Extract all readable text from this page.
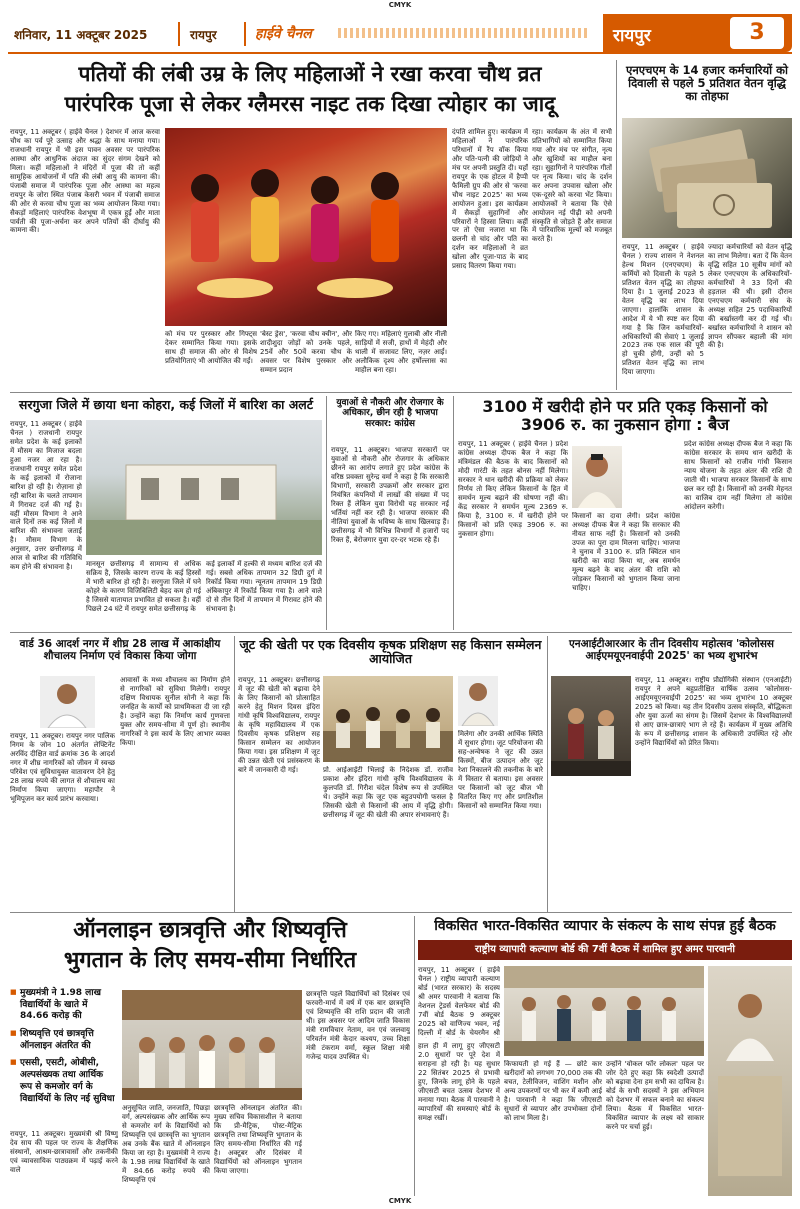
CMYK
शनिवार, 11 अक्टूबर 2025	रायपुर	हाईवे चैनल	रायपुर	3
पतियों की लंबी उम्र के लिए महिलाओं ने रखा करवा चौथ व्रत
पारंपरिक पूजा से लेकर ग्लैमरस नाइट तक दिखा त्योहार का जादू
रायपुर, 11 अक्टूबर ( हाईवे चैनल ) देशभर में आज करवा चौथ का पर्व पूरे उत्साह और श्रद्धा के साथ मनाया गया। राजधानी रायपुर में भी इस पावन अवसर पर पारंपरिक आस्था और आधुनिक अंदाज का सुंदर संगम देखने को मिला। कहीं महिलाओं ने मंदिरों में पूजा की तो कहीं सामूहिक आयोजनों में पति की लंबी आयु की कामना की। पंजाबी समाज में पारंपरिक पूजा और आस्था का महत्व रायपुर के जोरा स्थित पंजाब केसरी भवन में पंजाबी समाज की ओर से करवा चौथ पूजा का भव्य आयोजन किया गया। सैकड़ों महिलाएं पारंपरिक वेशभूषा में एकत्र हुईं और माता पार्वती की पूजा-अर्चना कर अपने पतियों की दीर्घायु की कामना की।
को मंच पर पुरस्कार और गिफ्ट्स देकर सम्मानित किया गया। इसके साथ ही समाज की ओर से विशेष प्रतियोगिताएं भी आयोजित की गईं।
'बेस्ट ड्रेस', 'करवा चौथ क्वीन', और शादीशुदा जोड़ों को उनके पहले, 25वें और 50वें करवा चौथ के अवसर पर विशेष पुरस्कार और सम्मान प्रदान
किए गए। महिलाएं गुलाबी और नीली साड़ियों में सजी, हाथों में मेहंदी और थाली में सजावट लिए, नज़र आईं। अलौकिक दृश्य और हर्षोल्लास का माहौल बना रहा।
दंपति शामिल हुए। कार्यक्रम में महिलाओं ने पारंपरिक परिधानों में रैंप वॉक किया और पति-पत्नी की जोड़ियों ने मंच पर अपनी प्रस्तुति दी। यहाँ रायपुर के एक होटल में हैप्पी फैमिली ग्रुप की ओर से 'करवा चौथ नाइट 2025' का भव्य आयोजन हुआ। इस कार्यक्रम में सैकड़ों सुहागिनों और परिवारों ने हिस्सा लिया। कहीं पर तो ऐसा नजारा था कि छलनी से चांद और पति का दर्शन कर महिलाओं ने व्रत खोला और पूजा-पाठ के बाद प्रसाद वितरण किया गया।
रहा। कार्यक्रम के अंत में सभी प्रतिभागियों को सम्मानित किया गया और मंच पर संगीत, नृत्य और खुशियों का माहौल बना रहा। सुहागिनों ने पारंपरिक गीतों पर नृत्य किया। चांद के दर्शन कर अपना उपवास खोला और एक-दूसरे को करवा भेंट किया। आयोजकों ने बताया कि ऐसे आयोजन नई पीढ़ी को अपनी संस्कृति से जोड़ते हैं और समाज में पारिवारिक मूल्यों को मजबूत करते हैं।
एनएचएम के 14 हजार कर्मचारियों को दिवाली से पहले 5 प्रतिशत वेतन वृद्धि का तोहफा
रायपुर, 11 अक्टूबर ( हाईवे चैनल ) राज्य शासन ने नेशनल हेल्थ मिशन (एनएचएम) के कर्मियों को दिवाली के पहले 5 प्रतिशत वेतन वृद्धि का तोहफा दिया है। 1 जुलाई 2023 से वेतन वृद्धि का लाभ दिया जाएगा। हालांकि शासन के आदेश में ये भी स्पष्ट कर दिया गया है कि जिन कर्मचारियों-अधिकारियों की सेवाएं 1 जुलाई 2023 तक एक साल की पूरी हो चुकी होंगी, उन्हीं को 5 प्रतिशत वेतन वृद्धि का लाभ दिया जाएगा।
ज्यादा कर्मचारियों को वेतन वृद्धि का लाभ मिलेगा। बता दें कि वेतन वृद्धि सहित 10 सूत्रीय मांगों को लेकर एनएचएम के अधिकारियों-कर्मचारियों ने 33 दिनों की हड़ताल की थी। इसी दौरान एनएचएम कर्मचारी संघ के अध्यक्ष सहित 25 पदाधिकारियों की बर्खास्तगी कर दी गई थी। बर्खास्त कर्मचारियों ने शासन को ज्ञापन सौंपकर बहाली की मांग की है।
सरगुजा जिले में छाया धना कोहरा, कई जिलों में बारिश का अलर्ट
रायपुर, 11 अक्टूबर ( हाईवे चैनल ) राजधानी रायपुर समेत प्रदेश के कई इलाकों में मौसम का मिजाज बदला हुआ नजर आ रहा है। राजधानी रायपुर समेत प्रदेश के कई इलाकों में रोजाना बारिश हो रही है। रोज़ाना हो रही बारिश के चलते तापमान में गिरावट दर्ज की गई है। वहीं मौसम विभाग ने आने वाले दिनों तक कई जिलों में बारिश की संभावना जताई है। मौसम विभाग के अनुसार, उत्तर छत्तीसगढ़ में आज से बारिश की गतिविधि कम होने की संभावना है।	मानसून छत्तीसगढ़ में सामान्य से अधिक सक्रिय है, जिसके कारण राज्य के कई हिस्सों में भारी बारिश हो रही है। सरगुजा जिले में घने कोहरे के कारण विजिबिलिटी बेहद कम हो गई है जिससे यातायात प्रभावित हो सकता है। वहीं पिछले 24 घंटे में रायपुर समेत छत्तीसगढ़ के
कई इलाकों में हल्की से मध्यम बारिश दर्ज की गई। सबसे अधिक तापमान 32 डिग्री दुर्ग में रिकॉर्ड किया गया। न्यूनतम तापमान 19 डिग्री अंबिकापुर में रिकॉर्ड किया गया है। आने वाले दो से तीन दिनों में तापमान में गिरावट होने की संभावना है।
युवाओं से नौकरी और रोजगार के अधिकार, छीन रही है भाजपा सरकार: कांग्रेस
रायपुर, 11 अक्टूबर। भाजपा सरकारों पर युवाओं से नौकरी और रोजगार के अधिकार छीनने का आरोप लगाते हुए प्रदेश कांग्रेस के वरिष्ठ प्रवक्ता सुरेन्द्र वर्मा ने कहा है कि सरकारी विभागों, सरकारी उपक्रमों और सरकार द्वारा नियंत्रित कंपनियों में लाखों की संख्या में पद रिक्त हैं लेकिन युवा विरोधी यह सरकार नई भर्तियां नहीं कर रही है। भाजपा सरकार की नीतियां युवाओं के भविष्य के साथ खिलवाड़ हैं। छत्तीसगढ़ में भी विभिन्न विभागों में हजारों पद रिक्त हैं, बेरोजगार युवा दर-दर भटक रहे हैं।
3100 में खरीदी होने पर प्रति एकड़ किसानों को 3906 रु. का नुकसान होगा : बैज
रायपुर, 11 अक्टूबर ( हाईवे चैनल ) प्रदेश कांग्रेस अध्यक्ष दीपक बैज ने कहा कि मंत्रिमंडल की बैठक के बाद किसानों को मोदी गारंटी के तहत बोनस नहीं मिलेगा। सरकार ने धान खरीदी की प्रक्रिया को लेकर निर्णय तो किए लेकिन किसानों के हित में समर्थन मूल्य बढ़ाने की घोषणा नहीं की। केंद्र सरकार ने समर्थन मूल्य 2369 रु. किया है, 3100 रु. में खरीदी होने पर किसानों को प्रति एकड़ 3906 रु. का नुकसान होगा।
किसानों का दावा लेगी। प्रदेश कांग्रेस अध्यक्ष दीपक बैज ने कहा कि सरकार की नीयत साफ नहीं है। किसानों को उनकी उपज का पूरा दाम मिलना चाहिए। भाजपा ने चुनाव में 3100 रु. प्रति क्विंटल धान खरीदी का वादा किया था, अब समर्थन मूल्य बढ़ने के बाद अंतर की राशि को जोड़कर किसानों को भुगतान किया जाना चाहिए।
प्रदेश कांग्रेस अध्यक्ष दीपक बैज ने कहा कि कांग्रेस सरकार के समय धान खरीदी के साथ किसानों को राजीव गांधी किसान न्याय योजना के तहत अंतर की राशि दी जाती थी। भाजपा सरकार किसानों के साथ छल कर रही है। किसानों को उनकी मेहनत का वाजिब दाम नहीं मिलेगा तो कांग्रेस आंदोलन करेगी।
वार्ड 36 आदर्श नगर में शीघ्र 28 लाख में आकांक्षीय शौचालय निर्माण एवं विकास किया जोगा
रायपुर, 11 अक्टूबर। रायपुर नगर पालिक निगम के जोन 10 अंतर्गत लेफ्टिनेंट अरविंद दीक्षित वार्ड क्रमांक 36 के आदर्श नगर में शीघ्र नागरिकों को जीवन में स्वच्छ परिवेश एवं सुविधायुक्त वातावरण देने हेतु 28 लाख रुपये की लागत से शौचालय का निर्माण किया जाएगा। महापौर ने भूमिपूजन कर कार्य प्रारंभ करवाया।
आवासों के मध्य शौचालय का निर्माण होने से नागरिकों को सुविधा मिलेगी। रायपुर दक्षिण विधायक सुनील सोनी ने कहा कि जनहित के कार्यों को प्राथमिकता दी जा रही है। उन्होंने कहा कि निर्माण कार्य गुणवत्ता युक्त और समय-सीमा में पूर्ण हो। स्थानीय नागरिकों ने इस कार्य के लिए आभार व्यक्त किया।
जूट की खेती पर एक दिवसीय कृषक प्रशिक्षण सह किसान सम्मेलन आयोजित
रायपुर, 11 अक्टूबर। छत्तीसगढ़ में जूट की खेती को बढ़ावा देने के लिए किसानों को प्रोत्साहित करने हेतु मिशन दिवस इंदिरा गांधी कृषि विश्वविद्यालय, रायपुर के कृषि महाविद्यालय में एक दिवसीय कृषक प्रशिक्षण सह किसान सम्मेलन का आयोजन किया गया। इस प्रशिक्षण में जूट की उन्नत खेती एवं प्रसंस्करण के बारे में जानकारी दी गई।	प्रो. आईआईटी भिलाई के निदेशक डॉ. राजीव प्रकाश और इंदिरा गांधी कृषि विश्वविद्यालय के कुलपति डॉ. गिरीश चंदेल विशेष रूप से उपस्थित थे। उन्होंने कहा कि जूट एक बहुउपयोगी फसल है जिसकी खेती से किसानों की आय में वृद्धि होगी। छत्तीसगढ़ में जूट की खेती की अपार संभावनाएं हैं।
मिलेगा और उनकी आर्थिक स्थिति में सुधार होगा। जूट परियोजना की सह-अन्वेषक ने जूट की उन्नत किस्मों, बीज उत्पादन और जूट रेशा निकालने की तकनीक के बारे में विस्तार से बताया। इस अवसर पर किसानों को जूट बीज भी वितरित किए गए और प्रगतिशील किसानों को सम्मानित किया गया।
एनआईटीआरआर के तीन दिवसीय महोत्सव 'कोलोसस आईएमयूएनवाईपी 2025' का भव्य शुभारंभ
रायपुर, 11 अक्टूबर। राष्ट्रीय प्रौद्योगिकी संस्थान (एनआईटी) रायपुर ने अपने बहुप्रतीक्षित वार्षिक उत्सव 'कोलोसस-आईएमयूएनवाईपी 2025' का भव्य शुभारंभ 10 अक्टूबर 2025 को किया। यह तीन दिवसीय उत्सव संस्कृति, बौद्धिकता और युवा ऊर्जा का संगम है। जिसमें देशभर के विश्वविद्यालयों से आए छात्र-छात्राएं भाग ले रहे हैं। कार्यक्रम में मुख्य अतिथि के रूप में छत्तीसगढ़ शासन के अधिकारी उपस्थित रहे और उन्होंने विद्यार्थियों को प्रेरित किया।
ऑनलाइन छात्रवृत्ति और शिष्यवृत्ति
भुगतान के लिए समय-सीमा निर्धारित
■ मुख्यमंत्री ने 1.98 लाख विद्यार्थियों के खाते में 84.66 करोड़ की
■ शिष्यवृत्ति एवं छात्रवृत्ति ऑनलाइन अंतरित की
■ एससी, एसटी, ओबीसी, अल्पसंख्यक तथा आर्थिक रूप से कमजोर वर्ग के विद्यार्थियों के लिए नई सुविधा
रायपुर, 11 अक्टूबर। मुख्यमंत्री श्री विष्णु देव साय की पहल पर राज्य के शैक्षणिक संस्थानों, आश्रम-छात्रावासों और तकनीकी एवं व्यावसायिक पाठ्यक्रम में पढ़ाई करने वाले
अनुसूचित जाति, जनजाति, पिछड़ा वर्ग, अल्पसंख्यक और आर्थिक रूप से कमजोर वर्ग के विद्यार्थियों को शिष्यवृत्ति एवं छात्रवृत्ति का भुगतान अब उनके बैंक खाते में ऑनलाइन किया जा रहा है। मुख्यमंत्री ने राज्य के 1.98 लाख विद्यार्थियों के खाते में 84.66 करोड़ रुपये की शिष्यवृत्ति एवं
छात्रवृत्ति ऑनलाइन अंतरित की। मुख्य सचिव विकासशील ने बताया कि प्री-मैट्रिक, पोस्ट-मैट्रिक छात्रवृत्ति तथा शिष्यवृत्ति भुगतान के लिए समय-सीमा निर्धारित की गई है। अक्टूबर और दिसंबर में विद्यार्थियों को ऑनलाइन भुगतान किया जाएगा।
छात्रवृत्ति पहले विद्यार्थियों को दिसंबर एवं फरवरी-मार्च में वर्ष में एक बार छात्रवृत्ति एवं शिष्यवृत्ति की राशि प्रदान की जाती थी। इस अवसर पर आदिम जाति विकास मंत्री रामविचार नेताम, वन एवं जलवायु परिवर्तन मंत्री केदार कश्यप, उच्च शिक्षा मंत्री टंकराम वर्मा, स्कूल शिक्षा मंत्री गजेन्द्र यादव उपस्थित थे।
विकसित भारत-विकसित व्यापार के संकल्प के साथ संपन्न हुई बैठक
राष्ट्रीय व्यापारी कल्याण बोर्ड की 7वीं बैठक में शामिल हुए अमर पारवानी
रायपुर, 11 अक्टूबर ( हाईवे चैनल ) राष्ट्रीय व्यापारी कल्याण बोर्ड (भारत सरकार) के सदस्य श्री अमर पारवानी ने बताया कि नेशनल ट्रेडर्स वेलफेयर बोर्ड की 7वीं बोर्ड बैठक 9 अक्टूबर 2025 को वाणिज्य भवन, नई दिल्ली में बोर्ड के चेयरमैन श्री
हाल ही में लागू हुए जीएसटी 2.0 सुधारों पर पूरे देश में सराहना हो रही है। यह सुधार 22 सितंबर 2025 से प्रभावी हुए, जिनके लागू होने के पहले जीएसटी बचत उत्सव देशभर में मनाया गया। बैठक में पारवानी ने व्यापारियों की समस्याएं बोर्ड के समक्ष रखीं।
किफायती हो गई हैं — छोटे कार खरीदारों को लगभग 70,000 तक की बचत, टेलीविजन, वाशिंग मशीन और अन्य उपकरणों पर भी कर में कमी आई है। पारवानी ने कहा कि जीएसटी सुधारों से व्यापार और उपभोक्ता दोनों को लाभ मिला है।
उन्होंने 'वोकल फॉर लोकल' पहल पर जोर देते हुए कहा कि स्वदेशी उत्पादों को बढ़ावा देना हम सभी का दायित्व है। बोर्ड के सभी सदस्यों ने इस अभियान को देशभर में सफल बनाने का संकल्प लिया। बैठक में विकसित भारत-विकसित व्यापार के लक्ष्य को साकार करने पर चर्चा हुई।
CMYK
